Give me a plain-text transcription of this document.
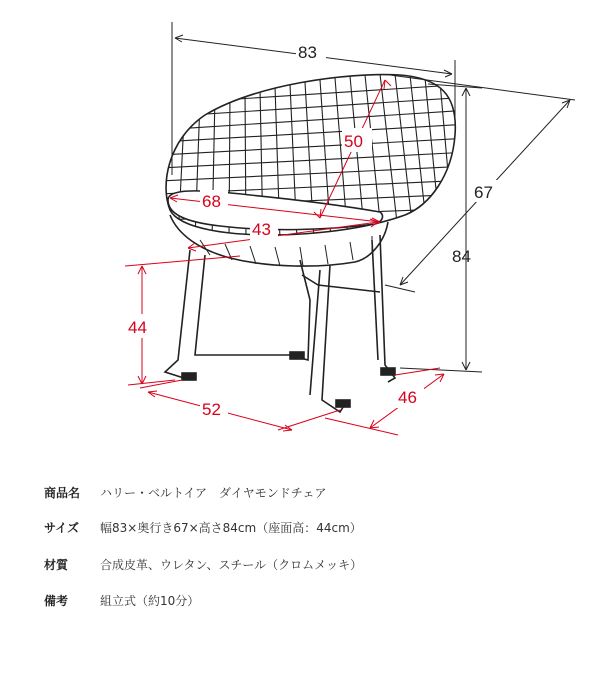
83
67
84
50
68
43
44
52
46
商品名	ハリー・ベルトイア　ダイヤモンドチェア
サイズ	幅83×奥行き67×高さ84cm（座面高：44cm）
材質	合成皮革、ウレタン、スチール（クロムメッキ）
備考	組立式（約10分）
